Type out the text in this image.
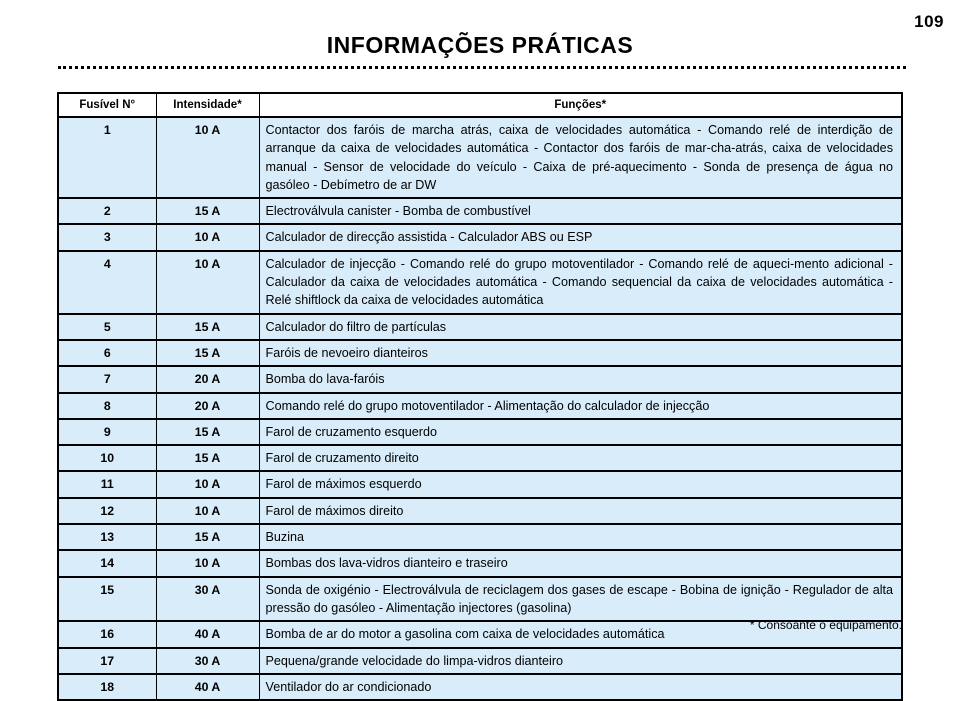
109
INFORMAÇÕES PRÁTICAS
Fusível N°	Intensidade*	Funções*
1	10 A	Contactor dos faróis de marcha atrás, caixa de velocidades automática - Comando relé de interdição de arranque da caixa de velocidades automática - Contactor dos faróis de mar-cha-atrás, caixa de velocidades manual - Sensor de velocidade do veículo - Caixa de pré-aquecimento - Sonda de presença de água no gasóleo - Debímetro de ar DW
2	15 A	Electroválvula canister - Bomba de combustível
3	10 A	Calculador de direcção assistida - Calculador ABS ou ESP
4	10 A	Calculador de injecção - Comando relé do grupo motoventilador - Comando relé de aqueci-mento adicional - Calculador da caixa de velocidades automática - Comando sequencial da caixa de velocidades automática - Relé shiftlock da caixa de velocidades automática
5	15 A	Calculador do filtro de partículas
6	15 A	Faróis de nevoeiro dianteiros
7	20 A	Bomba do lava-faróis
8	20 A	Comando relé do grupo motoventilador - Alimentação do calculador de injecção
9	15 A	Farol de cruzamento esquerdo
10	15 A	Farol de cruzamento direito
11	10 A	Farol de máximos esquerdo
12	10 A	Farol de máximos direito
13	15 A	Buzina
14	10 A	Bombas dos lava-vidros dianteiro e traseiro
15	30 A	Sonda de oxigénio - Electroválvula de reciclagem dos gases de escape - Bobina de ignição - Regulador de alta pressão do gasóleo - Alimentação injectores (gasolina)
16	40 A	Bomba de ar do motor a gasolina com caixa de velocidades automática
17	30 A	Pequena/grande velocidade do limpa-vidros dianteiro
18	40 A	Ventilador do ar condicionado
* Consoante o equipamento.
